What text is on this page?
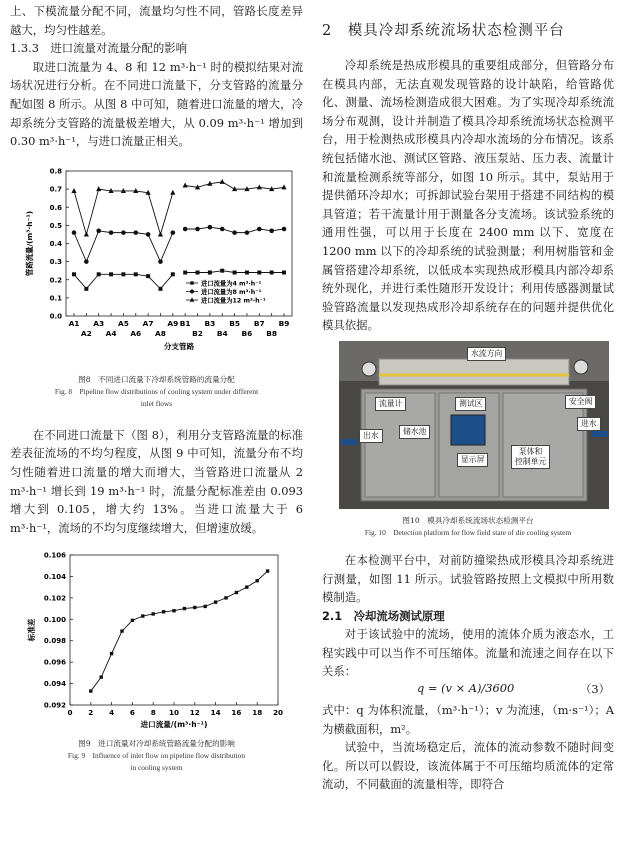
上、下模流量分配不同，流量均匀性不同，管路长度差异越大，均匀性越差。

1.3.3　进口流量对流量分配的影响

取进口流量为 4、8 和 12 m³·h⁻¹ 时的模拟结果对流场状况进行分析。在不同进口流量下，分支管路的流量分配如图 8 所示。从图 8 中可知，随着进口流量的增大，冷却系统分支管路的流量极差增大，从 0.09 m³·h⁻¹ 增加到 0.30 m³·h⁻¹，与进口流量正相关。

0.0
0.1
0.2
0.3
0.4
0.5
0.6
0.7
0.8
A1 A3 A5 A7 A9 B1 B3 B5 B7 B9
A2 A4 A6 A8	B2 B4 B6 B8
分支管路
管路流量/(m³·h⁻¹)
进口流量为4 m³·h⁻¹
进口流量为8 m³·h⁻¹
进口流量为12 m³·h⁻¹
图8　不同进口流量下冷却系统管路的流量分配
Fig. 8　Pipeline flow distributions of cooling system under different
inlet flows

在不同进口流量下（图 8），利用分支管路流量的标准差表征流场的不均匀程度，从图 9 中可知，流量分布不均匀性随着进口流量的增大而增大，当管路进口流量从 2 m³·h⁻¹ 增长到 19 m³·h⁻¹ 时，流量分配标准差由 0.093 增大到 0.105，增大约 13%。当进口流量大于 6 m³·h⁻¹，流场的不均匀度继续增大，但增速放缓。

0.092
0.094
0.096
0.098
0.100
0.102
0.104
0.106
0 2 4 6 8 10 12 14 16 18 20
进口流量/(m³·h⁻¹)
标准差
图9　进口流量对冷却系统管路流量分配的影响
Fig. 9　Influence of inlet flow on pipeline flow distribution
in cooling system
2　模具冷却系统流场状态检测平台

冷却系统是热成形模具的重要组成部分，但管路分布在模具内部，无法直观发现管路的设计缺陷，给管路优化、测量、流场检测造成很大困难。为了实现冷却系统流场分布观测，设计并制造了模具冷却系统流场状态检测平台，用于检测热成形模具内冷却水流场的分布情况。该系统包括储水池、测试区管路、液压泵站、压力表、流量计和流量检测系统等部分，如图 10 所示。其中，泵站用于提供循环冷却水；可拆卸试验台架用于搭建不同结构的模具管道；若干流量计用于测量各分支流场。该试验系统的通用性强，可以用于长度在 2400 mm 以下、宽度在 1200 mm 以下的冷却系统的试验测量；利用树脂管和金属管搭建冷却系统，以低成本实现热成形模具内部冷却系统外现化，并进行柔性随形开发设计；利用传感器测量试验管路流量以发现热成形冷却系统存在的问题并提供优化模具依据。

水流方向
流量计	测试区	安全阀
进水
出水	储水池
显示屏
泵体和
控制单元
图10　模具冷却系统流场状态检测平台
Fig. 10　Detection platform for flow field state of die cooling system

在本检测平台中，对前防撞梁热成形模具冷却系统进行测量，如图 11 所示。试验管路按照上文模拟中所用数模制造。

2.1　冷却流场测试原理

对于该试验中的流场，使用的流体介质为液态水，工程实践中可以当作不可压缩体。流量和流速之间存在以下关系：

q = (v × A)/3600	（3）

式中：q 为体积流量，（m³·h⁻¹）；v 为流速，（m·s⁻¹）；A 为横截面积，m²。

试验中，当流场稳定后，流体的流动参数不随时间变化。所以可以假设，该流体属于不可压缩均质流体的定常流动，不同截面的流量相等，即符合
